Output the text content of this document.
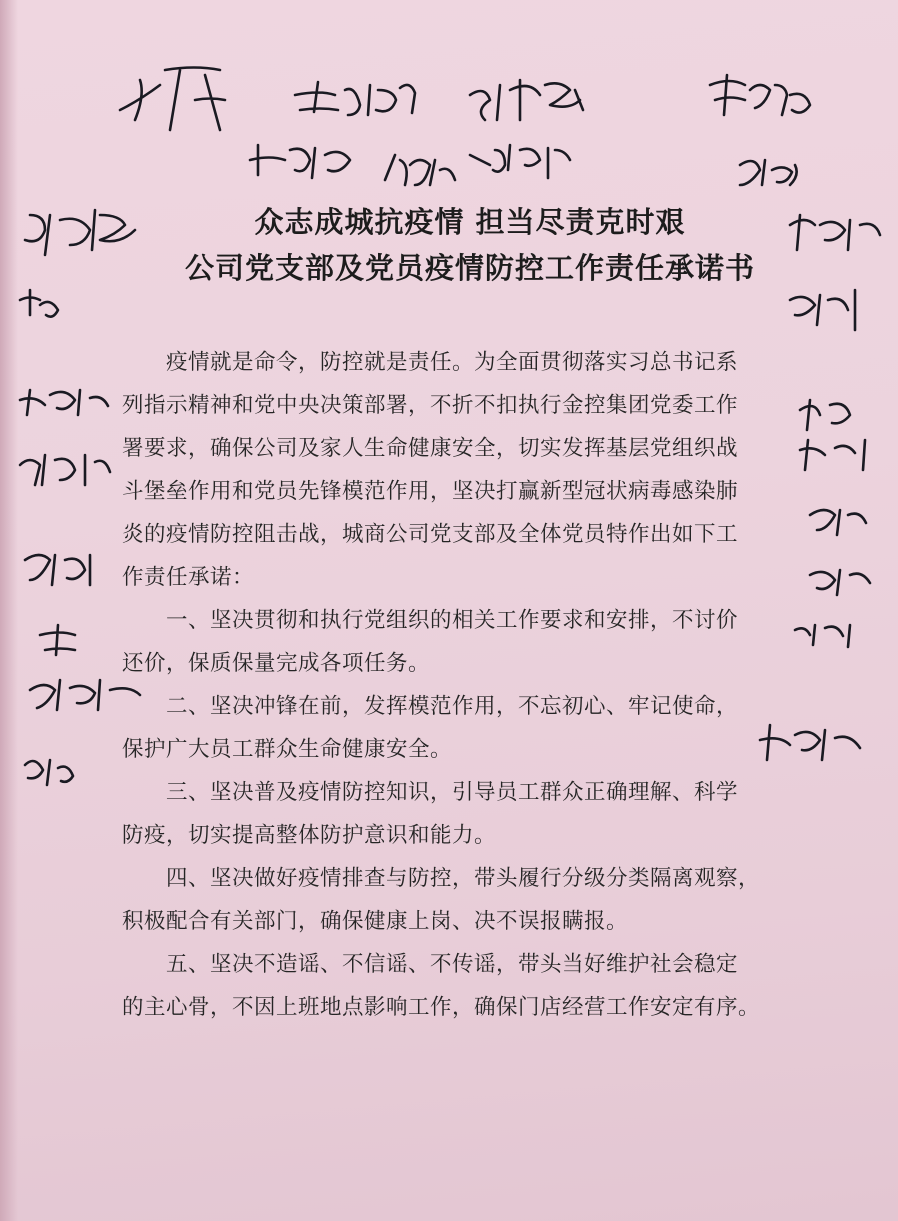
众志成城抗疫情 担当尽责克时艰
公司党支部及党员疫情防控工作责任承诺书
疫情就是命令，防控就是责任。为全面贯彻落实习总书记系
列指示精神和党中央决策部署，不折不扣执行金控集团党委工作
署要求，确保公司及家人生命健康安全，切实发挥基层党组织战
斗堡垒作用和党员先锋模范作用，坚决打赢新型冠状病毒感染肺
炎的疫情防控阻击战，城商公司党支部及全体党员特作出如下工
作责任承诺：
一、坚决贯彻和执行党组织的相关工作要求和安排，不讨价
还价，保质保量完成各项任务。
二、坚决冲锋在前，发挥模范作用，不忘初心、牢记使命，
保护广大员工群众生命健康安全。
三、坚决普及疫情防控知识，引导员工群众正确理解、科学
防疫，切实提高整体防护意识和能力。
四、坚决做好疫情排查与防控，带头履行分级分类隔离观察，
积极配合有关部门，确保健康上岗、决不误报瞒报。
五、坚决不造谣、不信谣、不传谣，带头当好维护社会稳定
的主心骨，不因上班地点影响工作，确保门店经营工作安定有序。
